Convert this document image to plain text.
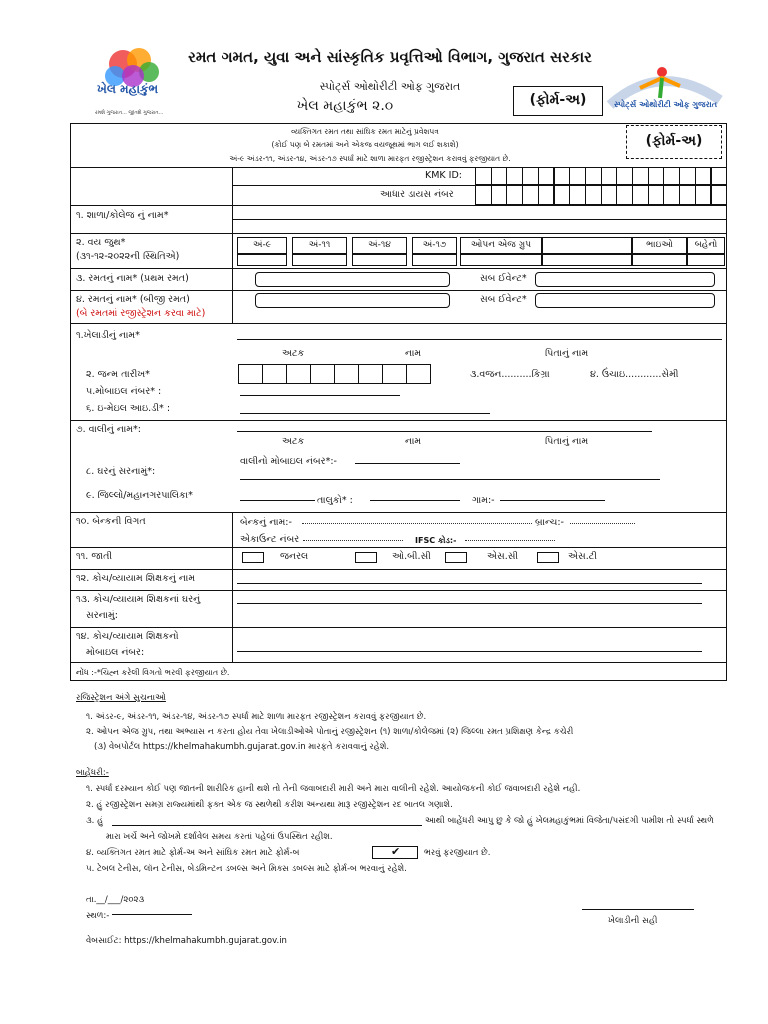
ખેલ મહાકુંભ
રમશે ગુજરાત... જીતશે ગુજરાત...
રમત ગમત, યુવા અને સાંસ્કૃતિક પ્રવૃત્તિઓ વિભાગ, ગુજરાત સરકાર
સ્પોર્ટ્સ ઓથોરીટી ઓફ ગુજરાત
ખેલ મહાકુંભ ૨.૦	(ફોર્મ-અ)	સ્પોર્ટ્સ ઓથોરીટી ઓફ ગુજરાત
વ્યક્તિગત રમત તથા સાંઘિક રમત માટેનું પ્રવેશપત્ર
(કોઈ પણ બે રમતમાં અને એકજ વયજૂથમાં ભાગ લઈ શકાશે)
અં-૯ અંડર-૧૧, અંડર-૧૪, અંડર-૧૭ સ્પર્ધા માટે શાળા મારફત રજીસ્ટ્રેશન કરાવવું ફરજીયાત છે.
(ફોર્મ-અ)
KMK ID:
આધાર ડાયસ નંબર
૧. શાળા/કોલેજ નું નામ*
૨. વય જુથ*
(૩૧-૧૨-૨૦૨૨ની સ્થિતિએ)
અં-૯	અં-૧૧	અં-૧૪	અં-૧૭	ઓપન એજ ગ્રુપ	ભાઇઓ	બહેનો
૩. રમતનું નામ* (પ્રથમ રમત)	સબ ઈવેન્ટ*
૪. રમતનું નામ* (બીજી રમત)
(બે રમતમાં રજીસ્ટ્રેશન કરવા માટે)
સબ ઈવેન્ટ*
૧.ખેલાડીનું નામ*
અટક	નામ	પિતાનું નામ
૨. જન્મ તારીખ*	૩.વજન..........કિગ્રા	૪. ઉંચાઇ............સેમી
૫.મોબાઇલ નંબર* :
૬. ઇ-મેઇલ આઇ.ડી* :
૭. વાલીનું નામ*:
અટક	નામ	પિતાનું નામ
વાલીનો મોબાઇલ નંબર*:-
૮. ઘરનું સરનામું*:
૯. જિલ્લો/મહાનગરપાલિકા*	તાલુકો* :	ગામ:-
૧૦. બેન્કની વિગત	બેન્કનું નામ:-	બ્રાન્ચ:-
એકાઉન્ટ નંબર	IFSC કોડ:-
૧૧. જાતી	જનરલ	ઓ.બી.સી	એસ.સી	એસ.ટી
૧૨. કોચ/વ્યાયામ શિક્ષકનું નામ
૧૩. કોચ/વ્યાયામ શિક્ષકનાં ઘરનું
સરનામું:
૧૪. કોચ/વ્યાયામ શિક્ષકનો
મોબાઇલ નંબર:
નોંધ :-*ચિહ્ન કરેલી વિગતો ભરવી ફરજીયાત છે.
રજિસ્ટ્રેશન અંગે સુચનાઓ
૧. અંડર-૯, અંડર-૧૧, અંડર-૧૪, અંડર-૧૭ સ્પર્ધા માટે શાળા મારફત રજીસ્ટ્રેશન કરાવવું ફરજીયાત છે.
૨. ઓપન એજ ગ્રુપ, તથા અભ્યાસ ન કરતા હોય તેવા ખેલાડીઓએ પોતાનું રજીસ્ટ્રેશન (૧) શાળા/કોલેજમાં (૨) જિલ્લા રમત પ્રશિક્ષણ કેન્દ્ર કચેરી
(૩) વેબપોર્ટલ https://khelmahakumbh.gujarat.gov.in મારફતે કરાવવાનું રહેશે.
બાહેંધરી:-
૧. સ્પર્ધા દરમ્યાન કોઈ પણ જાતની શારીરિક હાની થશે તો તેની જવાબદારી મારી અને મારા વાલીની રહેશે. આયોજકની કોઈ જવાબદારી રહેશે નહી.
૨. હું રજીસ્ટ્રેશન સમગ્ર રાજ્યમાંથી ફક્ત એક જ સ્થળેથી કરીશ અન્યથા મારૂ રજીસ્ટ્રેશન રદ બાતલ ગણાશે.
૩. હું	આથી બાહેંધરી આપુ છુ કે જો હું ખેલમહાકુંભમાં વિજેતા/પસંદગી પામીશ તો સ્પર્ધા સ્થળે
મારા ખર્ચે અને જોખમે દર્શાવેલ સમય કરતાં પહેલાં ઉપસ્થિત રહીશ.
૪. વ્યક્તિગત રમત માટે ફોર્મ-અ અને સાંઘિક રમત માટે ફોર્મ-બ	✔	ભરવું ફરજીયાત છે.
૫. ટેબલ ટેનીસ, લૉન ટેનીસ, બેડમિન્ટન ડબલ્સ અને મિક્સ ડબલ્સ માટે ફોર્મ-બ ભરવાનું રહેશે.
તા.__/___/૨૦૨૩
સ્થળ:-	ખેલાડીની સહી
વેબસાઈટ: https://khelmahakumbh.gujarat.gov.in
